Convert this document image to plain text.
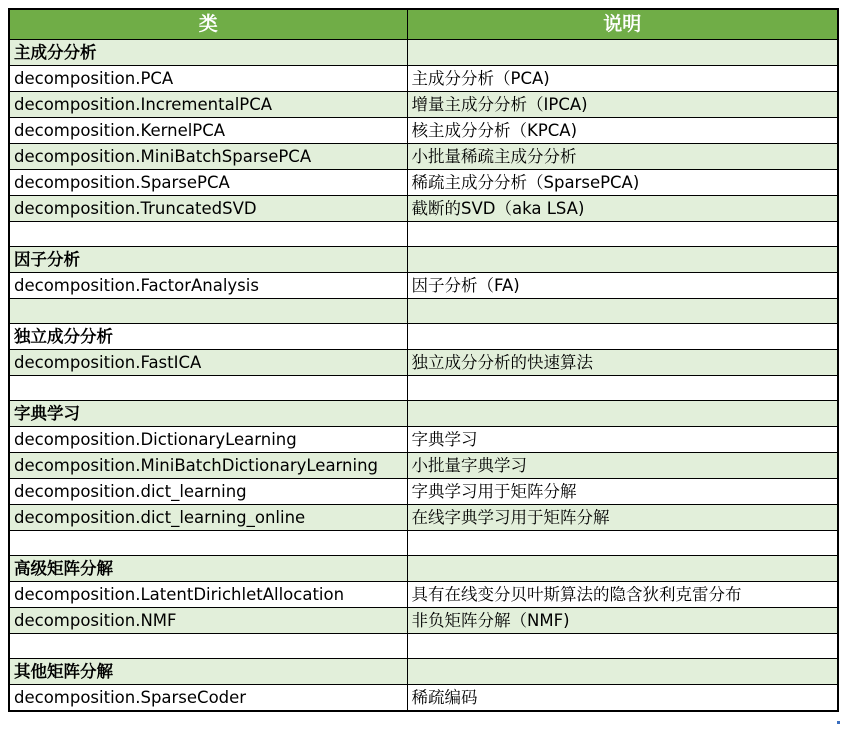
类	说明
主成分分析	
decomposition.PCA	主成分分析（PCA)
decomposition.IncrementalPCA	增量主成分分析（IPCA)
decomposition.KernelPCA	核主成分分析（KPCA)
decomposition.MiniBatchSparsePCA	小批量稀疏主成分分析
decomposition.SparsePCA	稀疏主成分分析（SparsePCA)
decomposition.TruncatedSVD	截断的SVD（aka LSA)

因子分析	
decomposition.FactorAnalysis	因子分析（FA)

独立成分分析	
decomposition.FastICA	独立成分分析的快速算法

字典学习	
decomposition.DictionaryLearning	字典学习
decomposition.MiniBatchDictionaryLearning	小批量字典学习
decomposition.dict_learning	字典学习用于矩阵分解
decomposition.dict_learning_online	在线字典学习用于矩阵分解

高级矩阵分解	
decomposition.LatentDirichletAllocation	具有在线变分贝叶斯算法的隐含狄利克雷分布
decomposition.NMF	非负矩阵分解（NMF)

其他矩阵分解	
decomposition.SparseCoder	稀疏编码
